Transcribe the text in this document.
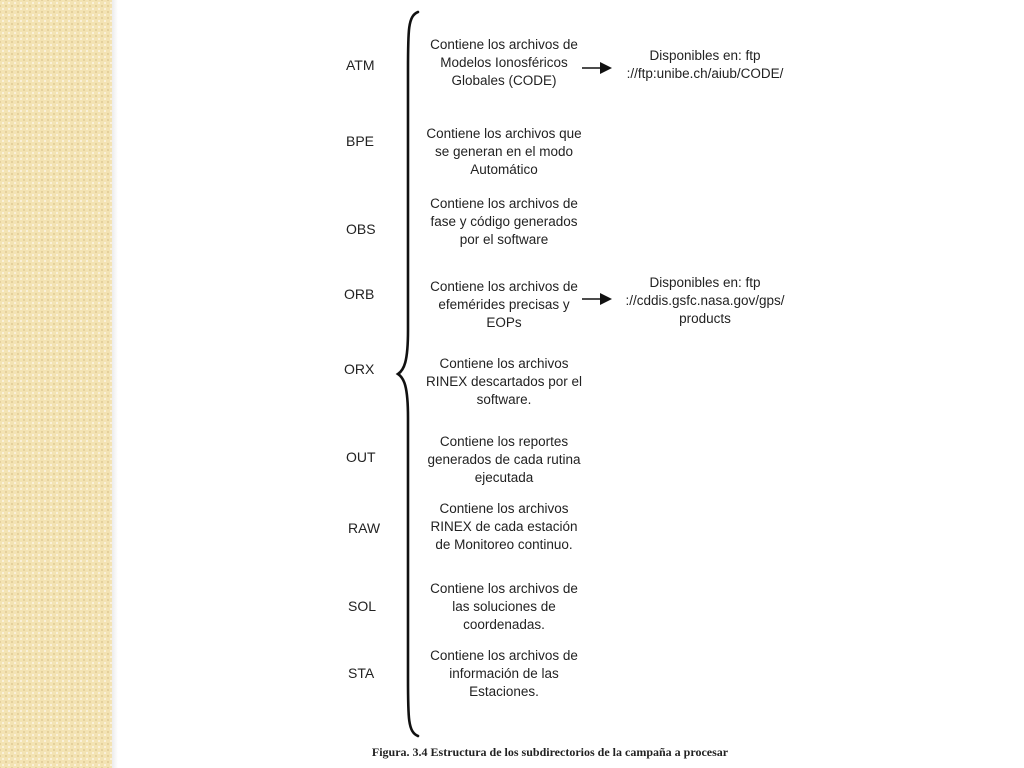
ATM
BPE
OBS
ORB
ORX
OUT
RAW
SOL
STA
Contiene los archivos de Modelos Ionosféricos Globales (CODE)
Contiene los archivos que se generan en el modo Automático
Contiene los archivos de fase y código generados por el software
Contiene los archivos de efemérides precisas y EOPs
Contiene los archivos RINEX descartados por el software.
Contiene los reportes generados de cada rutina ejecutada
Contiene los archivos RINEX de cada estación de Monitoreo continuo.
Contiene los archivos de las soluciones de coordenadas.
Contiene los archivos de información de las Estaciones.
Disponibles en: ftp ://ftp:unibe.ch/aiub/CODE/
Disponibles en: ftp ://cddis.gsfc.nasa.gov/gps/ products
Figura. 3.4 Estructura de los subdirectorios de la campaña a procesar
